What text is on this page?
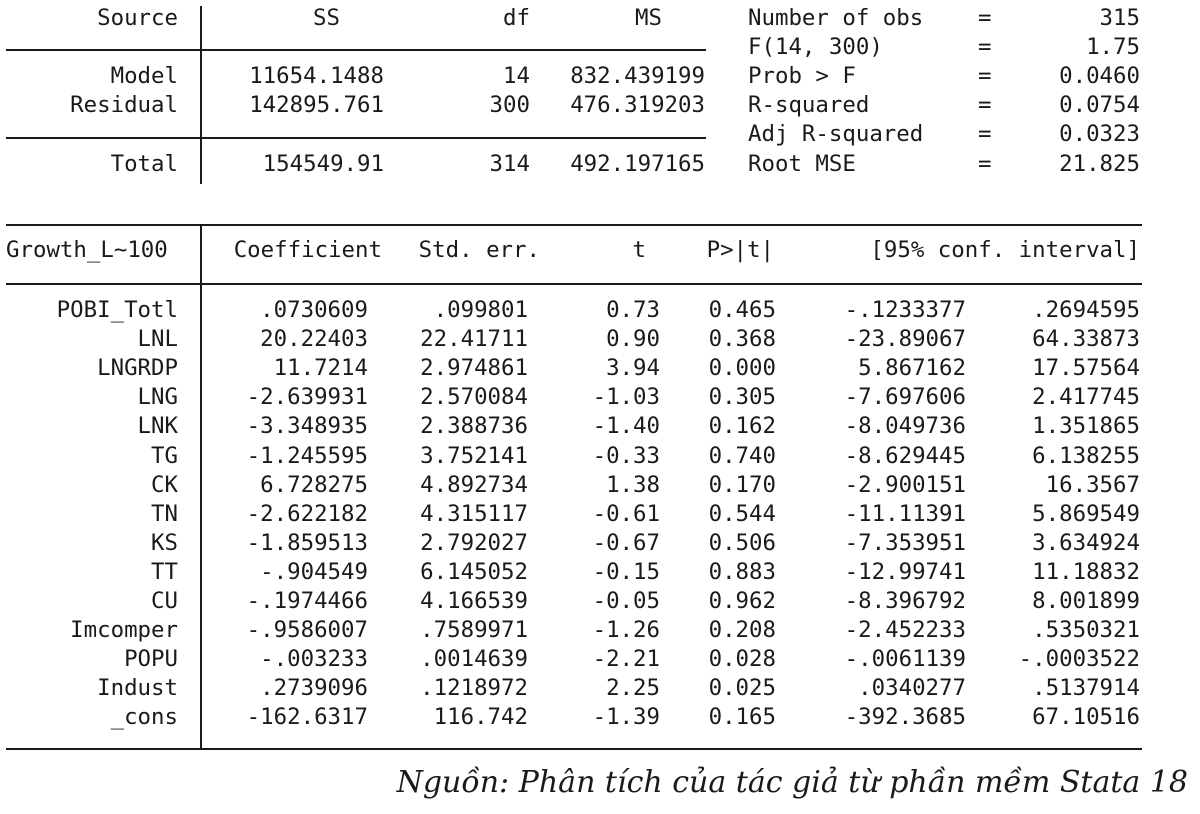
Nguồn: Phân tích của tác giả từ phần mềm Stata 18
Source	SS	df	MS
Model	11654.1488	14	832.439199
Residual	142895.761	300	476.319203
Total	154549.91	314	492.197165
Number of obs	=	315
F(14, 300)	=	1.75
Prob > F	=	0.0460
R-squared	=	0.0754
Adj R-squared	=	0.0323
Root MSE	=	21.825
Growth_L~100	Coefficient	Std. err.	t	P>|t|	[95% conf. interval]
POBI_Totl	.0730609	.099801	0.73	0.465	-.1233377	.2694595
LNL	20.22403	22.41711	0.90	0.368	-23.89067	64.33873
LNGRDP	11.7214	2.974861	3.94	0.000	5.867162	17.57564
LNG	-2.639931	2.570084	-1.03	0.305	-7.697606	2.417745
LNK	-3.348935	2.388736	-1.40	0.162	-8.049736	1.351865
TG	-1.245595	3.752141	-0.33	0.740	-8.629445	6.138255
CK	6.728275	4.892734	1.38	0.170	-2.900151	16.3567
TN	-2.622182	4.315117	-0.61	0.544	-11.11391	5.869549
KS	-1.859513	2.792027	-0.67	0.506	-7.353951	3.634924
TT	-.904549	6.145052	-0.15	0.883	-12.99741	11.18832
CU	-.1974466	4.166539	-0.05	0.962	-8.396792	8.001899
Imcomper	-.9586007	.7589971	-1.26	0.208	-2.452233	.5350321
POPU	-.003233	.0014639	-2.21	0.028	-.0061139	-.0003522
Indust	.2739096	.1218972	2.25	0.025	.0340277	.5137914
_cons	-162.6317	116.742	-1.39	0.165	-392.3685	67.10516
